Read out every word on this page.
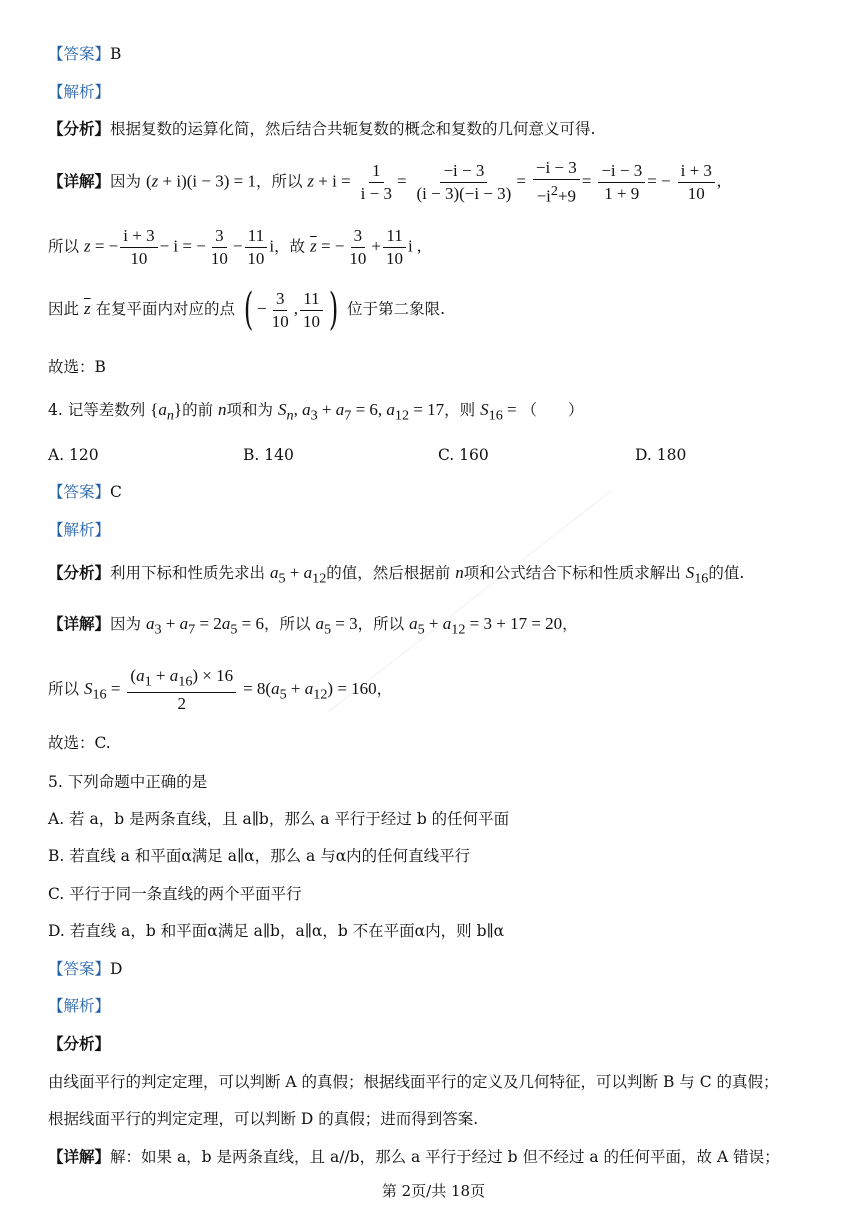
【答案】B
【解析】
【分析】根据复数的运算化简，然后结合共轭复数的概念和复数的几何意义可得.
【详解】因为 (z + i)(i − 3) = 1，所以 $z + i = \frac{1}{i - 3} = \frac{-i - 3}{(i - 3)(-i - 3)} = \frac{-i - 3}{-i^2+9} = \frac{-i - 3}{1 + 9}$ = − $\frac{i + 3}{10}$ ,
所以 z = − $\frac{i + 3}{10} - i$ = − $\frac{3}{10} - \frac{11}{10}$ i，故 $\overline{z}$ = − $\frac{3}{10} + \frac{11}{10}$ i ,
因此 $\overline{z}$ 在复平面内对应的点 ( − $\frac{3}{10}$ , $\frac{11}{10}$ ) 位于第二象限.
故选：B
4. 记等差数列 $\{a_n\}$的前 n项和为 $S_n$, $a_3 + a_7 = 6$, $a_{12} = 17$，则 $S_{16}$ = （　　）
A. 120	B. 140	C. 160	D. 180
【答案】C
【解析】
【分析】利用下标和性质先求出 $a_5 + a_{12}$的值，然后根据前 n项和公式结合下标和性质求解出 $S_{16}$的值.
【详解】因为 $a_3 + a_7 = 2a_5 = 6$，所以 $a_5 = 3$，所以 $a_5 + a_{12} = 3 + 17 = 20$，
所以 $S_{16} = \frac{(a_1 + a_{16}) \times 16}{2} = 8(a_5 + a_{12}) = 160$，
故选：C.
5. 下列命题中正确的是
A. 若 a，b 是两条直线，且 a∥b，那么 a 平行于经过 b 的任何平面
B. 若直线 a 和平面α满足 a∥α，那么 a 与α内的任何直线平行
C. 平行于同一条直线的两个平面平行
D. 若直线 a，b 和平面α满足 a∥b，a∥α，b 不在平面α内，则 b∥α
【答案】D
【解析】
【分析】
由线面平行的判定定理，可以判断 A 的真假；根据线面平行的定义及几何特征，可以判断 B 与 C 的真假；
根据线面平行的判定定理，可以判断 D 的真假；进而得到答案.
【详解】解：如果 a，b 是两条直线，且 a//b，那么 a 平行于经过 b 但不经过 a 的任何平面，故 A 错误；
第 2页/共 18页
